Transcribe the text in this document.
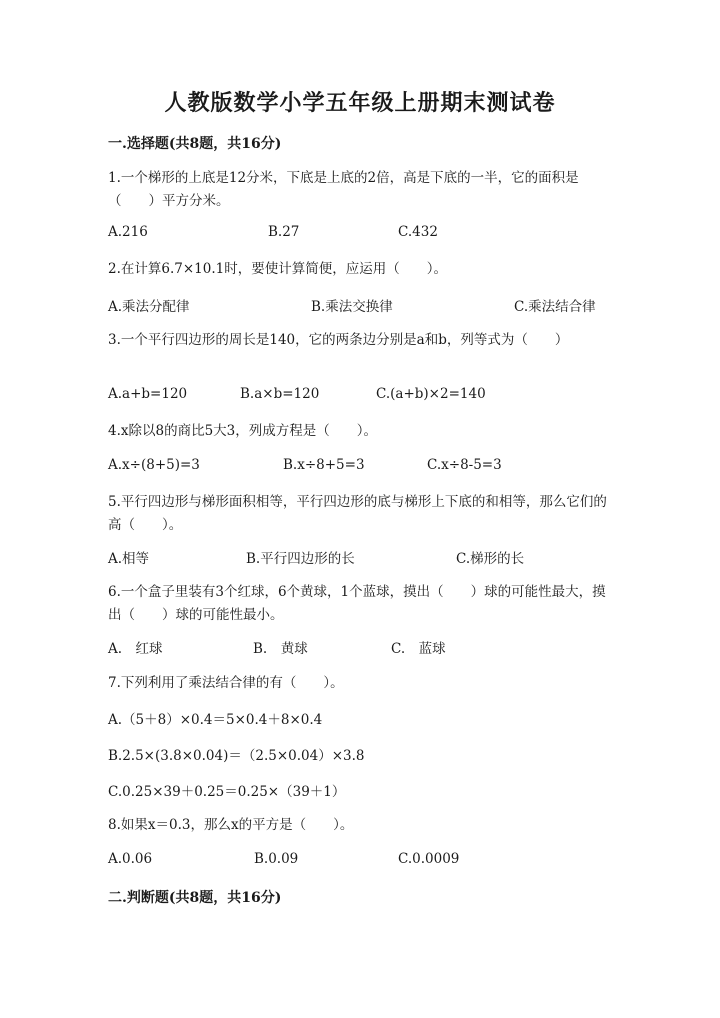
人教版数学小学五年级上册期末测试卷
一.选择题(共8题，共16分)
1.一个梯形的上底是12分米，下底是上底的2倍，高是下底的一半，它的面积是（　　）平方分米。
A.216	B.27	C.432
2.在计算6.7×10.1时，要使计算简便，应运用（　　）。
A.乘法分配律	B.乘法交换律	C.乘法结合律
3.一个平行四边形的周长是140，它的两条边分别是a和b，列等式为（　　）
A.a+b=120	B.a×b=120	C.(a+b)×2=140
4.x除以8的商比5大3，列成方程是（　　）。
A.x÷(8+5)=3	B.x÷8+5=3	C.x÷8-5=3
5.平行四边形与梯形面积相等，平行四边形的底与梯形上下底的和相等，那么它们的高（　　）。
A.相等	B.平行四边形的长	C.梯形的长
6.一个盒子里装有3个红球，6个黄球，1个蓝球，摸出（　　）球的可能性最大，摸出（　　）球的可能性最小。
A.　红球	B.　黄球	C.　蓝球
7.下列利用了乘法结合律的有（　　）。
A.（5＋8）×0.4＝5×0.4＋8×0.4
B.2.5×(3.8×0.04)＝（2.5×0.04）×3.8
C.0.25×39＋0.25＝0.25×（39＋1）
8.如果x＝0.3，那么x的平方是（　　）。
A.0.06	B.0.09	C.0.0009
二.判断题(共8题，共16分)
